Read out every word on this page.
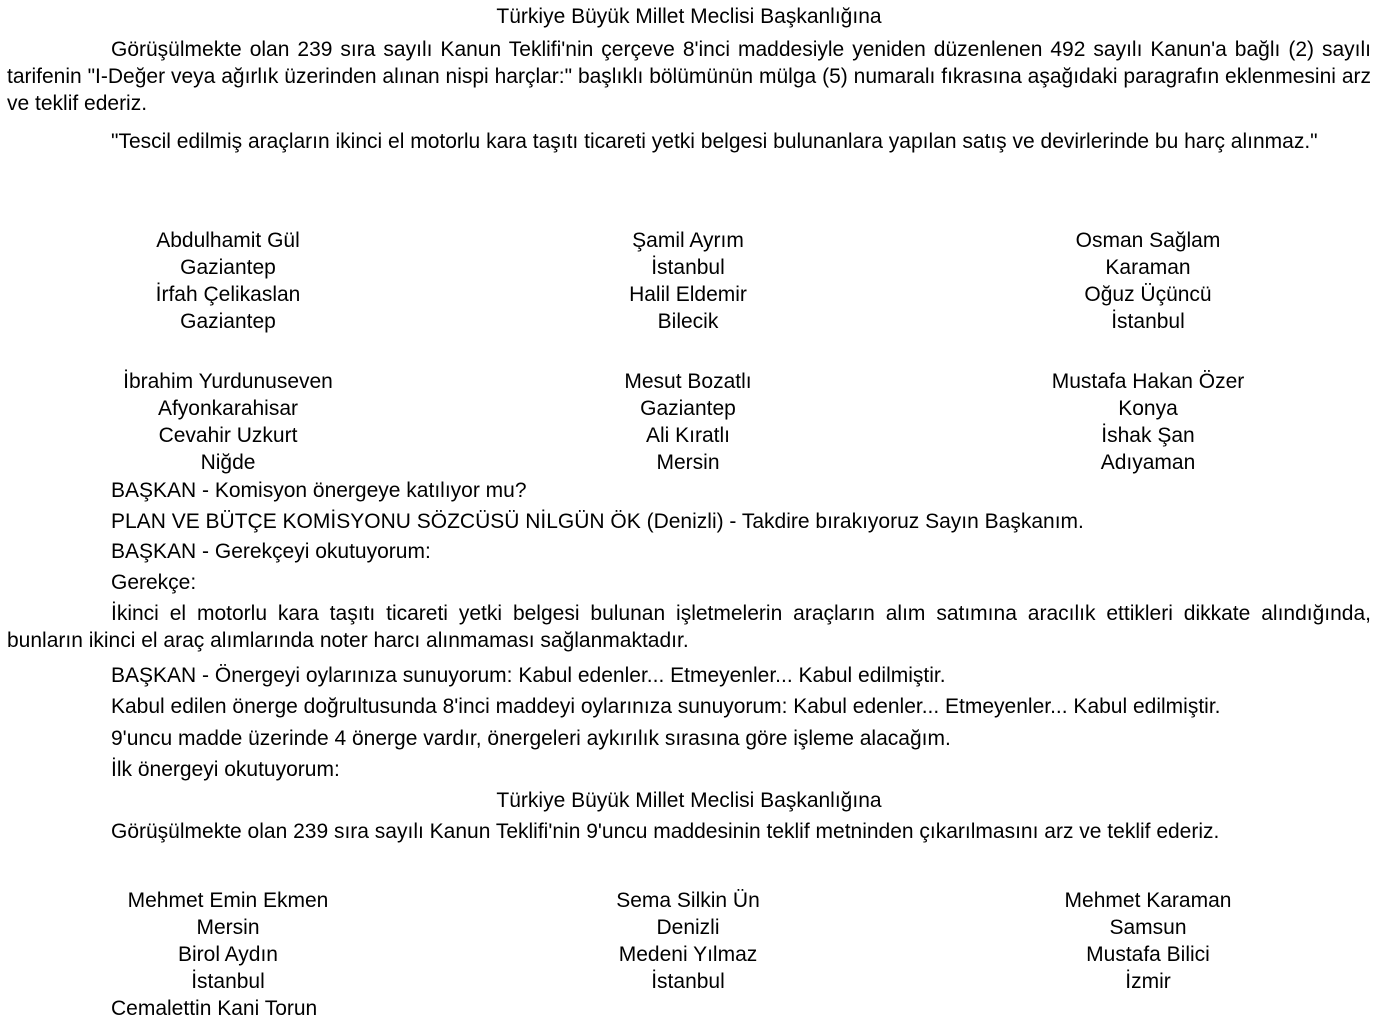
Türkiye Büyük Millet Meclisi Başkanlığına

Görüşülmekte olan 239 sıra sayılı Kanun Teklifi'nin çerçeve 8'inci maddesiyle yeniden düzenlenen 492 sayılı Kanun'a bağlı (2) sayılı tarifenin "I-Değer veya ağırlık üzerinden alınan nispi harçlar:" başlıklı bölümünün mülga (5) numaralı fıkrasına aşağıdaki paragrafın eklenmesini arz ve teklif ederiz.

"Tescil edilmiş araçların ikinci el motorlu kara taşıtı ticareti yetki belgesi bulunanlara yapılan satış ve devirlerinde bu harç alınmaz."

Abdulhamit Gül
Gaziantep
İrfah Çelikaslan
Gaziantep
Şamil Ayrım
İstanbul
Halil Eldemir
Bilecik
Osman Sağlam
Karaman
Oğuz Üçüncü
İstanbul
İbrahim Yurdunuseven
Afyonkarahisar
Cevahir Uzkurt
Niğde
Mesut Bozatlı
Gaziantep
Ali Kıratlı
Mersin
Mustafa Hakan Özer
Konya
İshak Şan
Adıyaman
BAŞKAN - Komisyon önergeye katılıyor mu?
PLAN VE BÜTÇE KOMİSYONU SÖZCÜSÜ NİLGÜN ÖK (Denizli) - Takdire bırakıyoruz Sayın Başkanım.
BAŞKAN - Gerekçeyi okutuyorum:
Gerekçe:

İkinci el motorlu kara taşıtı ticareti yetki belgesi bulunan işletmelerin araçların alım satımına aracılık ettikleri dikkate alındığında, bunların ikinci el araç alımlarında noter harcı alınmaması sağlanmaktadır.

BAŞKAN - Önergeyi oylarınıza sunuyorum: Kabul edenler... Etmeyenler... Kabul edilmiştir.
Kabul edilen önerge doğrultusunda 8'inci maddeyi oylarınıza sunuyorum: Kabul edenler... Etmeyenler... Kabul edilmiştir.
9'uncu madde üzerinde 4 önerge vardır, önergeleri aykırılık sırasına göre işleme alacağım.
İlk önergeyi okutuyorum:
Türkiye Büyük Millet Meclisi Başkanlığına
Görüşülmekte olan 239 sıra sayılı Kanun Teklifi'nin 9'uncu maddesinin teklif metninden çıkarılmasını arz ve teklif ederiz.
Mehmet Emin Ekmen
Mersin
Birol Aydın
İstanbul
Sema Silkin Ün
Denizli
Medeni Yılmaz
İstanbul
Mehmet Karaman
Samsun
Mustafa Bilici
İzmir
Cemalettin Kani Torun
